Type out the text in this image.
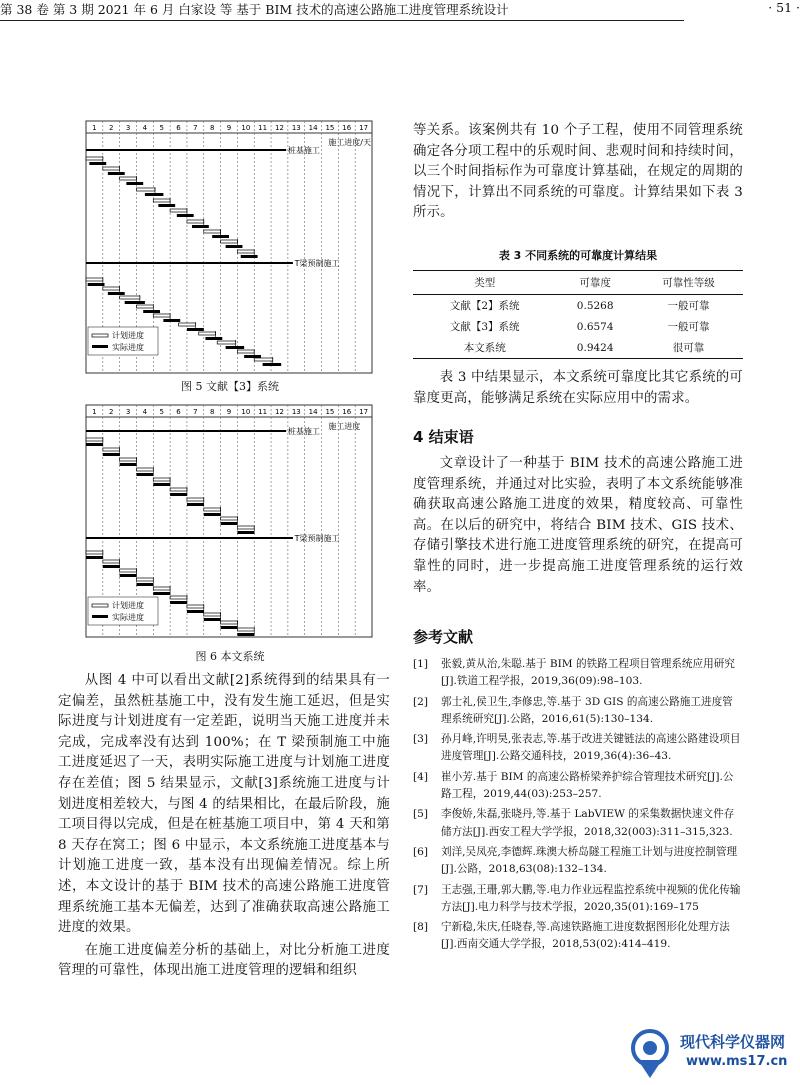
第 38 卷 第 3 期 2021 年 6 月 白家设 等 基于 BIM 技术的高速公路施工进度管理系统设计	· 51 ·
1 2 3 4 5 6 7 8 9 10 11 12 13 14 15 16 17
施工进度/天
桩基施工
T梁预制施工
计划进度
实际进度
图 5 文献【3】系统
1 2 3 4 5 6 7 8 9 10 11 12 13 14 15 16 17
施工进度
桩基施工
T梁预制施工
计划进度
实际进度
图 6 本文系统

从图 4 中可以看出文献[2]系统得到的结果具有一定偏差，虽然桩基施工中，没有发生施工延迟，但是实际进度与计划进度有一定差距，说明当天施工进度并未完成，完成率没有达到 100%；在 T 梁预制施工中施工进度延迟了一天，表明实际施工进度与计划施工进度存在差值；图 5 结果显示，文献[3]系统施工进度与计划进度相差较大，与图 4 的结果相比，在最后阶段，施工项目得以完成，但是在桩基施工项目中，第 4 天和第 8 天存在窝工；图 6 中显示，本文系统施工进度基本与计划施工进度一致，基本没有出现偏差情况。综上所述，本文设计的基于 BIM 技术的高速公路施工进度管理系统施工基本无偏差，达到了准确获取高速公路施工进度的效果。

在施工进度偏差分析的基础上，对比分析施工进度管理的可靠性，体现出施工进度管理的逻辑和组织

等关系。该案例共有 10 个子工程，使用不同管理系统确定各分项工程中的乐观时间、悲观时间和持续时间，以三个时间指标作为可靠度计算基础，在规定的周期的情况下，计算出不同系统的可靠度。计算结果如下表 3 所示。

表 3 不同系统的可靠度计算结果
类型	可靠度	可靠性等级
文献【2】系统	0.5268	一般可靠
文献【3】系统	0.6574	一般可靠
本文系统	0.9424	很可靠

表 3 中结果显示，本文系统可靠度比其它系统的可靠度更高，能够满足系统在实际应用中的需求。

4 结束语

文章设计了一种基于 BIM 技术的高速公路施工进度管理系统，并通过对比实验，表明了本文系统能够准确获取高速公路施工进度的效果，精度较高、可靠性高。在以后的研究中，将结合 BIM 技术、GIS 技术、存储引擎技术进行施工进度管理系统的研究，在提高可靠性的同时，进一步提高施工进度管理系统的运行效率。

参考文献
[1] 张毅,黄从治,朱聪.基于 BIM 的铁路工程项目管理系统应用研究[J].铁道工程学报，2019,36(09):98–103.
[2] 郭士礼,侯卫生,李修忠,等.基于 3D GIS 的高速公路施工进度管理系统研究[J].公路，2016,61(5):130–134.
[3] 孙月峰,许明昊,张表志,等.基于改进关键链法的高速公路建设项目进度管理[J].公路交通科技，2019,36(4):36–43.
[4] 崔小芳.基于 BIM 的高速公路桥梁养护综合管理技术研究[J].公路工程，2019,44(03):253–257.
[5] 李俊娇,朱磊,张晓丹,等.基于 LabVIEW 的采集数据快速文件存储方法[J].西安工程大学学报，2018,32(003):311–315,323.
[6] 刘洋,吴凤亮,李德辉.珠澳大桥岛隧工程施工计划与进度控制管理[J].公路，2018,63(08):132–134.
[7] 王志强,王珊,郭大鹏,等.电力作业远程监控系统中视频的优化传输方法[J].电力科学与技术学报，2020,35(01):169–175
[8] 宁新稳,朱庆,任晓春,等.高速铁路施工进度数据图形化处理方法[J].西南交通大学学报，2018,53(02):414–419.
现代科学仪器网
www.ms17.cn
